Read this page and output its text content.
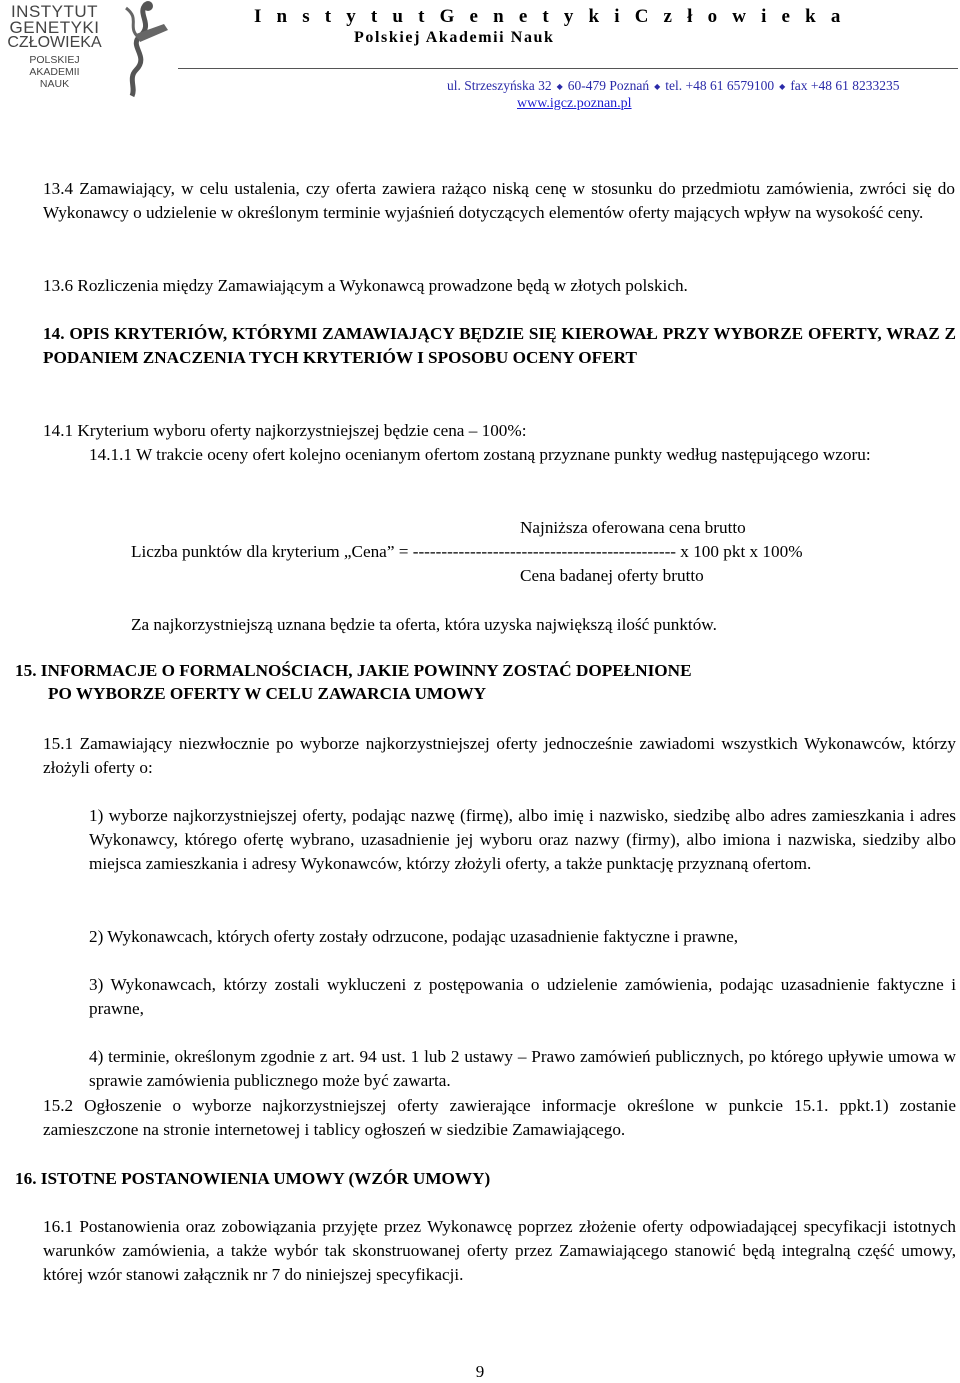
INSTYTUT
GENETYKI
CZŁOWIEKA
POLSKIEJ
AKADEMII
NAUK
I n s t y t u t G e n e t y k i C z ł o w i e k a
Polskiej Akademii Nauk
ul. Strzeszyńska 32 ◆ 60-479 Poznań ◆ tel. +48 61 6579100 ◆ fax +48 61 8233235
www.igcz.poznan.pl
13.4 Zamawiający, w celu ustalenia, czy oferta zawiera rażąco niską cenę w stosunku do przedmiotu zamówienia, zwróci się do Wykonawcy o udzielenie w określonym terminie wyjaśnień dotyczących elementów oferty mających wpływ na wysokość ceny.
13.6 Rozliczenia między Zamawiającym a Wykonawcą prowadzone będą w złotych polskich.
14. OPIS KRYTERIÓW, KTÓRYMI ZAMAWIAJĄCY BĘDZIE SIĘ KIEROWAŁ PRZY WYBORZE OFERTY, WRAZ Z PODANIEM ZNACZENIA TYCH KRYTERIÓW I SPOSOBU OCENY OFERT
14.1 Kryterium wyboru oferty najkorzystniejszej będzie cena – 100%:
14.1.1 W trakcie oceny ofert kolejno ocenianym ofertom zostaną przyznane punkty według następującego wzoru:
Najniższa oferowana cena brutto
Liczba punktów dla kryterium „Cena” = ---------------------------------------------- x 100 pkt x 100%
Cena badanej oferty brutto
Za najkorzystniejszą uznana będzie ta oferta, która uzyska największą ilość punktów.
15. INFORMACJE O FORMALNOŚCIACH, JAKIE POWINNY ZOSTAĆ DOPEŁNIONE
PO WYBORZE OFERTY W CELU ZAWARCIA UMOWY
15.1 Zamawiający niezwłocznie po wyborze najkorzystniejszej oferty jednocześnie zawiadomi wszystkich Wykonawców, którzy złożyli oferty o:
1) wyborze najkorzystniejszej oferty, podając nazwę (firmę), albo imię i nazwisko, siedzibę albo adres zamieszkania i adres Wykonawcy, którego ofertę wybrano, uzasadnienie jej wyboru oraz nazwy (firmy), albo imiona i nazwiska, siedziby albo miejsca zamieszkania i adresy Wykonawców, którzy złożyli oferty, a także punktację przyznaną ofertom.
2) Wykonawcach, których oferty zostały odrzucone, podając uzasadnienie faktyczne i prawne,
3) Wykonawcach, którzy zostali wykluczeni z postępowania o udzielenie zamówienia, podając uzasadnienie faktyczne i prawne,
4) terminie, określonym zgodnie z art. 94 ust. 1 lub 2 ustawy – Prawo zamówień publicznych, po którego upływie umowa w sprawie zamówienia publicznego może być zawarta.
15.2 Ogłoszenie o wyborze najkorzystniejszej oferty zawierające informacje określone w punkcie 15.1. ppkt.1) zostanie zamieszczone na stronie internetowej i tablicy ogłoszeń w siedzibie Zamawiającego.
16. ISTOTNE POSTANOWIENIA UMOWY (WZÓR UMOWY)
16.1 Postanowienia oraz zobowiązania przyjęte przez Wykonawcę poprzez złożenie oferty odpowiadającej specyfikacji istotnych warunków zamówienia, a także wybór tak skonstruowanej oferty przez Zamawiającego stanowić będą integralną część umowy, której wzór stanowi załącznik nr 7 do niniejszej specyfikacji.
9
